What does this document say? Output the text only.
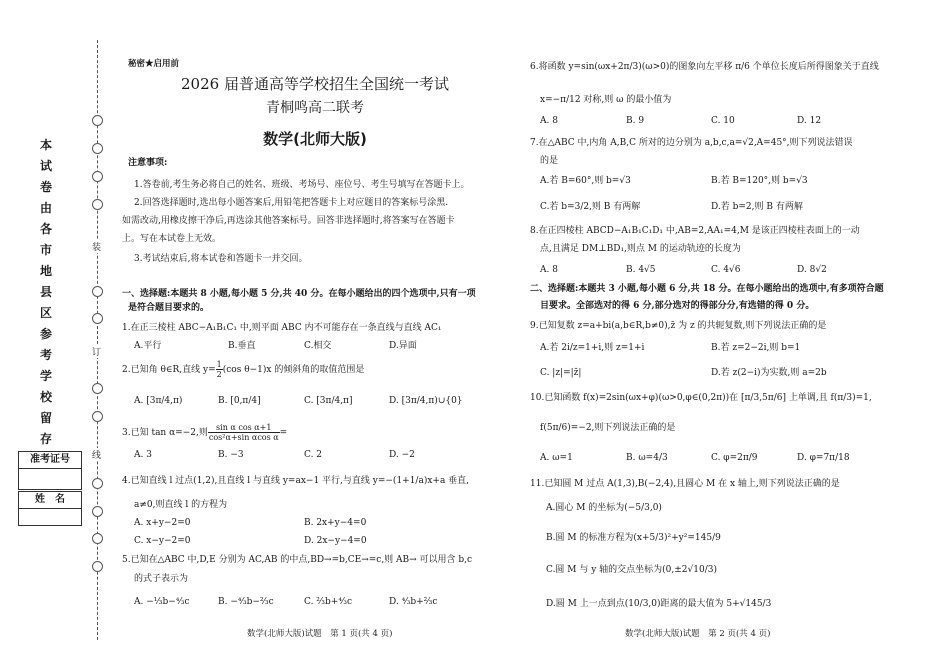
装
订
线
本
试
卷
由
各
市
地
县
区
参
考
学
校
留
存
准考证号
姓　名
秘密★启用前
2026 届普通高等学校招生全国统一考试
青桐鸣高二联考
数学(北师大版)
注意事项:
1.答卷前,考生务必将自己的姓名、班级、考场号、座位号、考生号填写在答题卡上。
2.回答选择题时,选出每小题答案后,用铅笔把答题卡上对应题目的答案标号涂黑.
如需改动,用橡皮擦干净后,再选涂其他答案标号。回答非选择题时,将答案写在答题卡
上。写在本试卷上无效。
3.考试结束后,将本试卷和答题卡一并交回。
一、选择题:本题共 8 小题,每小题 5 分,共 40 分。在每小题给出的四个选项中,只有一项
是符合题目要求的。
1.在正三棱柱 ABC−A₁B₁C₁ 中,则平面 ABC 内不可能存在一条直线与直线 AC₁
A.平行	B.垂直	C.相交	D.异面
2.已知角 θ∈R,直线 $y= \frac{1}{2} (\cos$ θ−1)x 的倾斜角的取值范围是
A. [3π/4,π)	B. [0,π/4]	C. [3π/4,π]	D. [3π/4,π)∪{0}
3.已知 tan α=−2,则 $\frac{\text{sin α cos α+1}}{\text{cos²α+sin αcos α}}$ =
A. 3	B. −3	C. 2	D. −2
4.已知直线 l 过点(1,2),且直线 l 与直线 y=ax−1 平行,与直线 y=−(1+1/a)x+a 垂直,
a≠0,则直线 l 的方程为
A. x+y−2=0	B. 2x+y−4=0
C. x−y−2=0	D. 2x−y−4=0
5.已知在△ABC 中,D,E 分别为 AC,AB 的中点,BD→=b,CE→=c,则 AB→ 可以用含 b,c
的式子表示为
A. −⅓b−⁴⁄₃c	B. −⁴⁄₃b−⅔c	C. ⅔b+⁴⁄₃c	D. ⁴⁄₃b+⅔c
数学(北师大版)试题　第 1 页(共 4 页)
6.将函数 y=sin(ωx+2π/3)(ω>0)的图象向左平移 π/6 个单位长度后所得图象关于直线
x=−π/12 对称,则 ω 的最小值为
A. 8	B. 9	C. 10	D. 12
7.在△ABC 中,内角 A,B,C 所对的边分别为 a,b,c,a=√2,A=45°,则下列说法错误
的是
A.若 B=60°,则 b=√3	B.若 B=120°,则 b=√3
C.若 b=3/2,则 B 有两解	D.若 b=2,则 B 有两解
8.在正四棱柱 ABCD−A₁B₁C₁D₁ 中,AB=2,AA₁=4,M 是该正四棱柱表面上的一动
点,且满足 DM⊥BD₁,则点 M 的运动轨迹的长度为
A. 8	B. 4√5	C. 4√6	D. 8√2
二、选择题:本题共 3 小题,每小题 6 分,共 18 分。在每小题给出的选项中,有多项符合题
目要求。全部选对的得 6 分,部分选对的得部分分,有选错的得 0 分。
9.已知复数 z=a+bi(a,b∈R,b≠0),z̄ 为 z 的共轭复数,则下列说法正确的是
A.若 2i/z=1+i,则 z=1+i	B.若 z=2−2i,则 b=1
C. |z|=|z̄|	D.若 z(2−i)为实数,则 a=2b
10.已知函数 f(x)=2sin(ωx+φ)(ω>0,φ∈(0,2π))在 [π/3,5π/6] 上单调,且 f(π/3)=1,
f(5π/6)=−2,则下列说法正确的是
A. ω=1	B. ω=4/3	C. φ=2π/9	D. φ=7π/18
11.已知圆 M 过点 A(1,3),B(−2,4),且圆心 M 在 x 轴上,则下列说法正确的是
A.圆心 M 的坐标为(−5/3,0)
B.圆 M 的标准方程为(x+5/3)²+y²=145/9
C.圆 M 与 y 轴的交点坐标为(0,±2√10/3)
D.圆 M 上一点到点(10/3,0)距离的最大值为 5+√145/3
数学(北师大版)试题　第 2 页(共 4 页)
